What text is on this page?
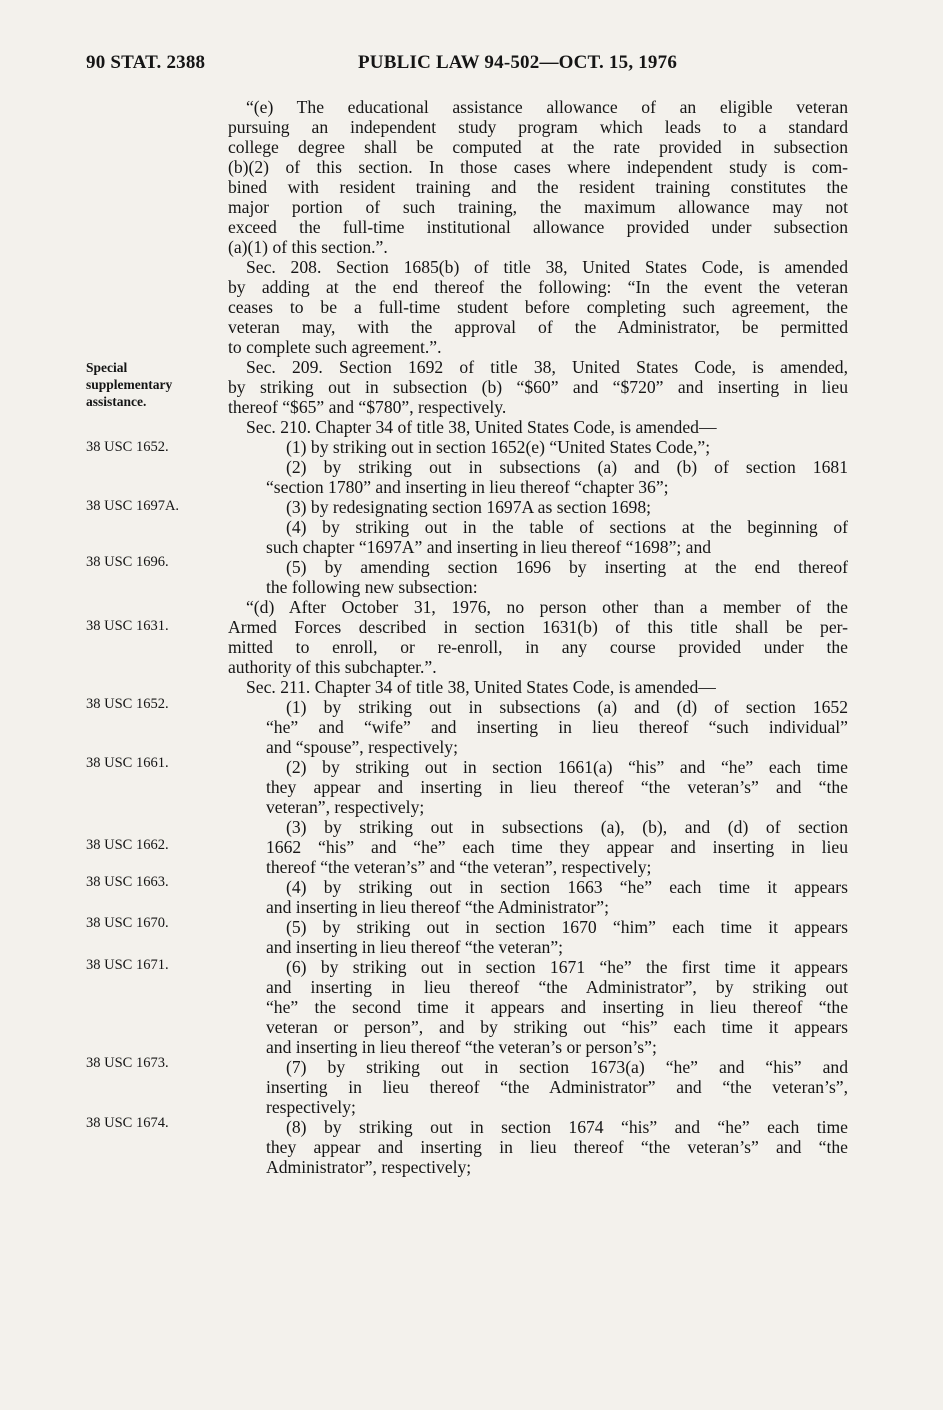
90 STAT. 2388	PUBLIC LAW 94-502—OCT. 15, 1976
Special
supplementary
assistance.
38 USC 1652.
38 USC 1697A.
38 USC 1696.
38 USC 1631.
38 USC 1652.
38 USC 1661.
38 USC 1662.
38 USC 1663.
38 USC 1670.
38 USC 1671.
38 USC 1673.
38 USC 1674.
“(e) The educational assistance allowance of an eligible veteran
pursuing an independent study program which leads to a standard
college degree shall be computed at the rate provided in subsection
(b)(2) of this section. In those cases where independent study is com-
bined with resident training and the resident training constitutes the
major portion of such training, the maximum allowance may not
exceed the full-time institutional allowance provided under subsection
(a)(1) of this section.”.
Sec. 208. Section 1685(b) of title 38, United States Code, is amended
by adding at the end thereof the following: “In the event the veteran
ceases to be a full-time student before completing such agreement, the
veteran may, with the approval of the Administrator, be permitted
to complete such agreement.”.
Sec. 209. Section 1692 of title 38, United States Code, is amended,
by striking out in subsection (b) “$60” and “$720” and inserting in lieu
thereof “$65” and “$780”, respectively.
Sec. 210. Chapter 34 of title 38, United States Code, is amended—
(1) by striking out in section 1652(e) “United States Code,”;
(2) by striking out in subsections (a) and (b) of section 1681
“section 1780” and inserting in lieu thereof “chapter 36”;
(3) by redesignating section 1697A as section 1698;
(4) by striking out in the table of sections at the beginning of
such chapter “1697A” and inserting in lieu thereof “1698”; and
(5) by amending section 1696 by inserting at the end thereof
the following new subsection:
“(d) After October 31, 1976, no person other than a member of the
Armed Forces described in section 1631(b) of this title shall be per-
mitted to enroll, or re-enroll, in any course provided under the
authority of this subchapter.”.
Sec. 211. Chapter 34 of title 38, United States Code, is amended—
(1) by striking out in subsections (a) and (d) of section 1652
“he” and “wife” and inserting in lieu thereof “such individual”
and “spouse”, respectively;
(2) by striking out in section 1661(a) “his” and “he” each time
they appear and inserting in lieu thereof “the veteran’s” and “the
veteran”, respectively;
(3) by striking out in subsections (a), (b), and (d) of section
1662 “his” and “he” each time they appear and inserting in lieu
thereof “the veteran’s” and “the veteran”, respectively;
(4) by striking out in section 1663 “he” each time it appears
and inserting in lieu thereof “the Administrator”;
(5) by striking out in section 1670 “him” each time it appears
and inserting in lieu thereof “the veteran”;
(6) by striking out in section 1671 “he” the first time it appears
and inserting in lieu thereof “the Administrator”, by striking out
“he” the second time it appears and inserting in lieu thereof “the
veteran or person”, and by striking out “his” each time it appears
and inserting in lieu thereof “the veteran’s or person’s”;
(7) by striking out in section 1673(a) “he” and “his” and
inserting in lieu thereof “the Administrator” and “the veteran’s”,
respectively;
(8) by striking out in section 1674 “his” and “he” each time
they appear and inserting in lieu thereof “the veteran’s” and “the
Administrator”, respectively;
